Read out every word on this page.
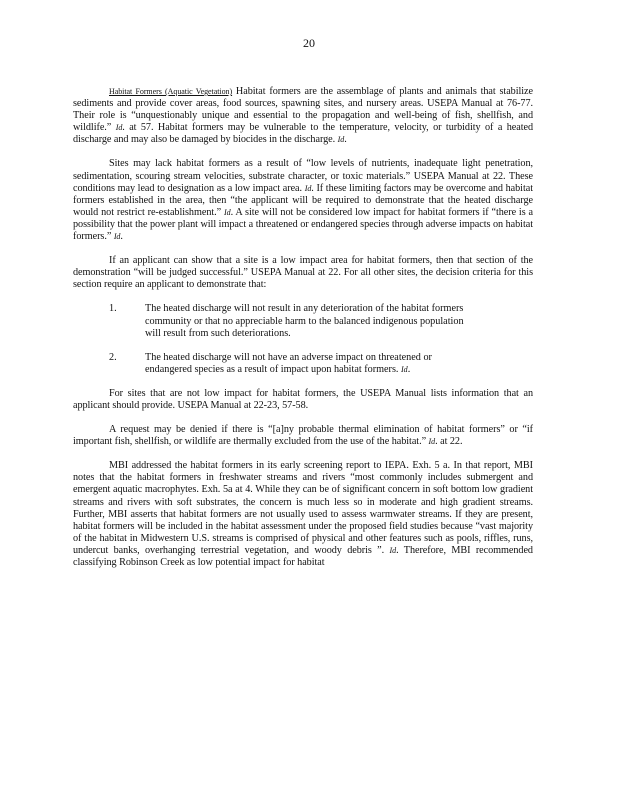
20

Habitat Formers (Aquatic Vegetation) Habitat formers are the assemblage of plants and animals that stabilize sediments and provide cover areas, food sources, spawning sites, and nursery areas. USEPA Manual at 76-77. Their role is “unquestionably unique and essential to the propagation and well-being of fish, shellfish, and wildlife.” Id. at 57. Habitat formers may be vulnerable to the temperature, velocity, or turbidity of a heated discharge and may also be damaged by biocides in the discharge. Id.

Sites may lack habitat formers as a result of “low levels of nutrients, inadequate light penetration, sedimentation, scouring stream velocities, substrate character, or toxic materials.” USEPA Manual at 22. These conditions may lead to designation as a low impact area. Id. If these limiting factors may be overcome and habitat formers established in the area, then “the applicant will be required to demonstrate that the heated discharge would not restrict re-establishment.” Id. A site will not be considered low impact for habitat formers if “there is a possibility that the power plant will impact a threatened or endangered species through adverse impacts on habitat formers.” Id.

If an applicant can show that a site is a low impact area for habitat formers, then that section of the demonstration “will be judged successful.” USEPA Manual at 22. For all other sites, the decision criteria for this section require an applicant to demonstrate that:

1.	The heated discharge will not result in any deterioration of the habitat formers community or that no appreciable harm to the balanced indigenous population will result from such deteriorations.
2.	The heated discharge will not have an adverse impact on threatened or endangered species as a result of impact upon habitat formers. Id.

For sites that are not low impact for habitat formers, the USEPA Manual lists information that an applicant should provide. USEPA Manual at 22-23, 57-58.

A request may be denied if there is “[a]ny probable thermal elimination of habitat formers” or “if important fish, shellfish, or wildlife are thermally excluded from the use of the habitat.” Id. at 22.

MBI addressed the habitat formers in its early screening report to IEPA. Exh. 5 a. In that report, MBI notes that the habitat formers in freshwater streams and rivers “most commonly includes submergent and emergent aquatic macrophytes. Exh. 5a at 4. While they can be of significant concern in soft bottom low gradient streams and rivers with soft substrates, the concern is much less so in moderate and high gradient streams. Further, MBI asserts that habitat formers are not usually used to assess warmwater streams. If they are present, habitat formers will be included in the habitat assessment under the proposed field studies because “vast majority of the habitat in Midwestern U.S. streams is comprised of physical and other features such as pools, riffles, runs, undercut banks, overhanging terrestrial vegetation, and woody debris ”. Id. Therefore, MBI recommended classifying Robinson Creek as low potential impact for habitat
